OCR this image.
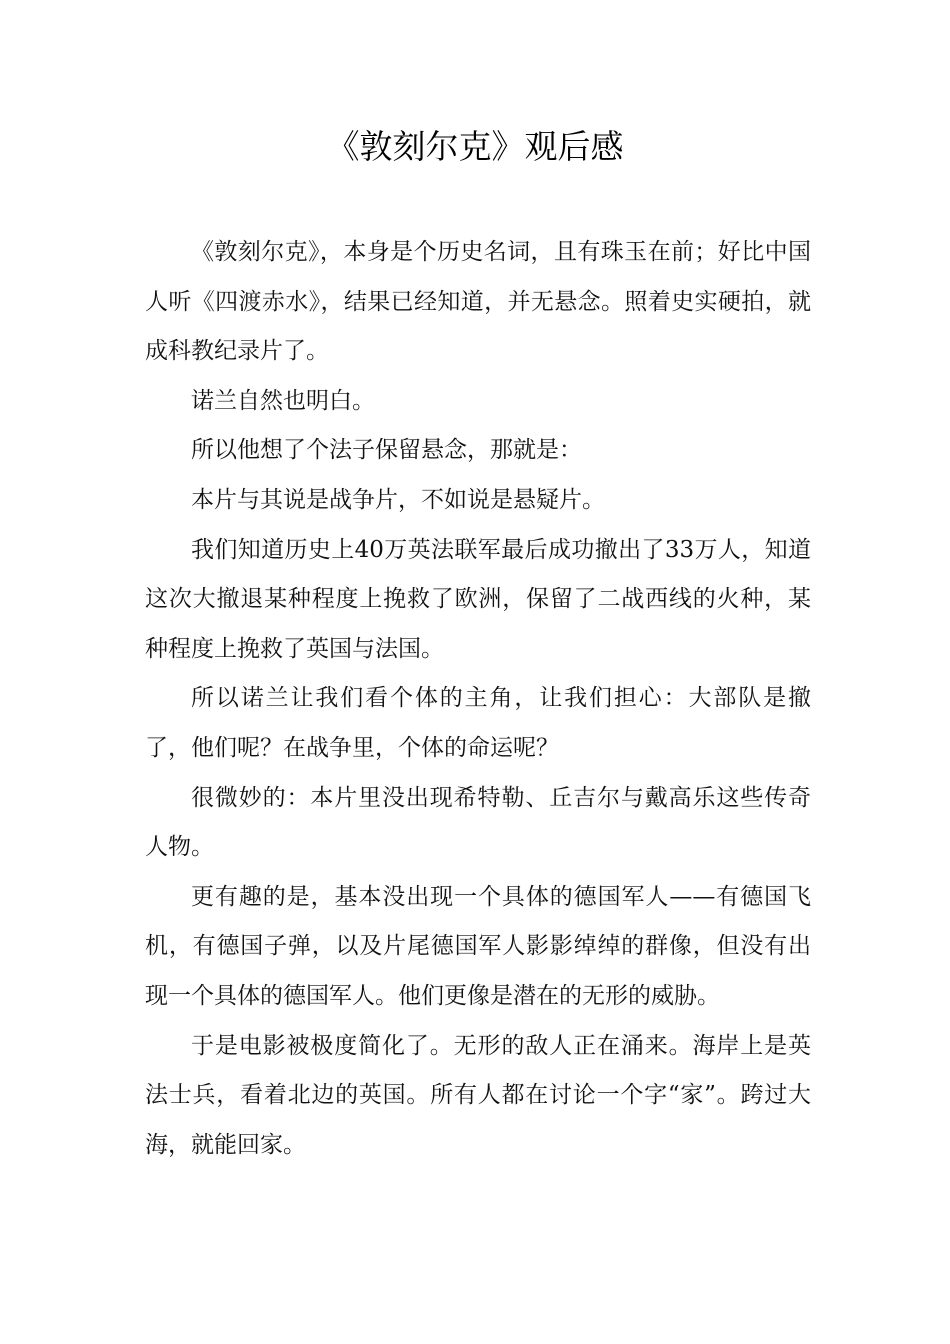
《敦刻尔克》观后感

《敦刻尔克》，本身是个历史名词，且有珠玉在前；好比中国人听《四渡赤水》，结果已经知道，并无悬念。照着史实硬拍，就成科教纪录片了。

诺兰自然也明白。

所以他想了个法子保留悬念，那就是：

本片与其说是战争片，不如说是悬疑片。

我们知道历史上40万英法联军最后成功撤出了33万人，知道这次大撤退某种程度上挽救了欧洲，保留了二战西线的火种，某种程度上挽救了英国与法国。

所以诺兰让我们看个体的主角，让我们担心：大部队是撤了，他们呢？在战争里，个体的命运呢？

很微妙的：本片里没出现希特勒、丘吉尔与戴高乐这些传奇人物。

更有趣的是，基本没出现一个具体的德国军人——有德国飞机，有德国子弹，以及片尾德国军人影影绰绰的群像，但没有出现一个具体的德国军人。他们更像是潜在的无形的威胁。

于是电影被极度简化了。无形的敌人正在涌来。海岸上是英法士兵，看着北边的英国。所有人都在讨论一个字“家”。跨过大海，就能回家。
